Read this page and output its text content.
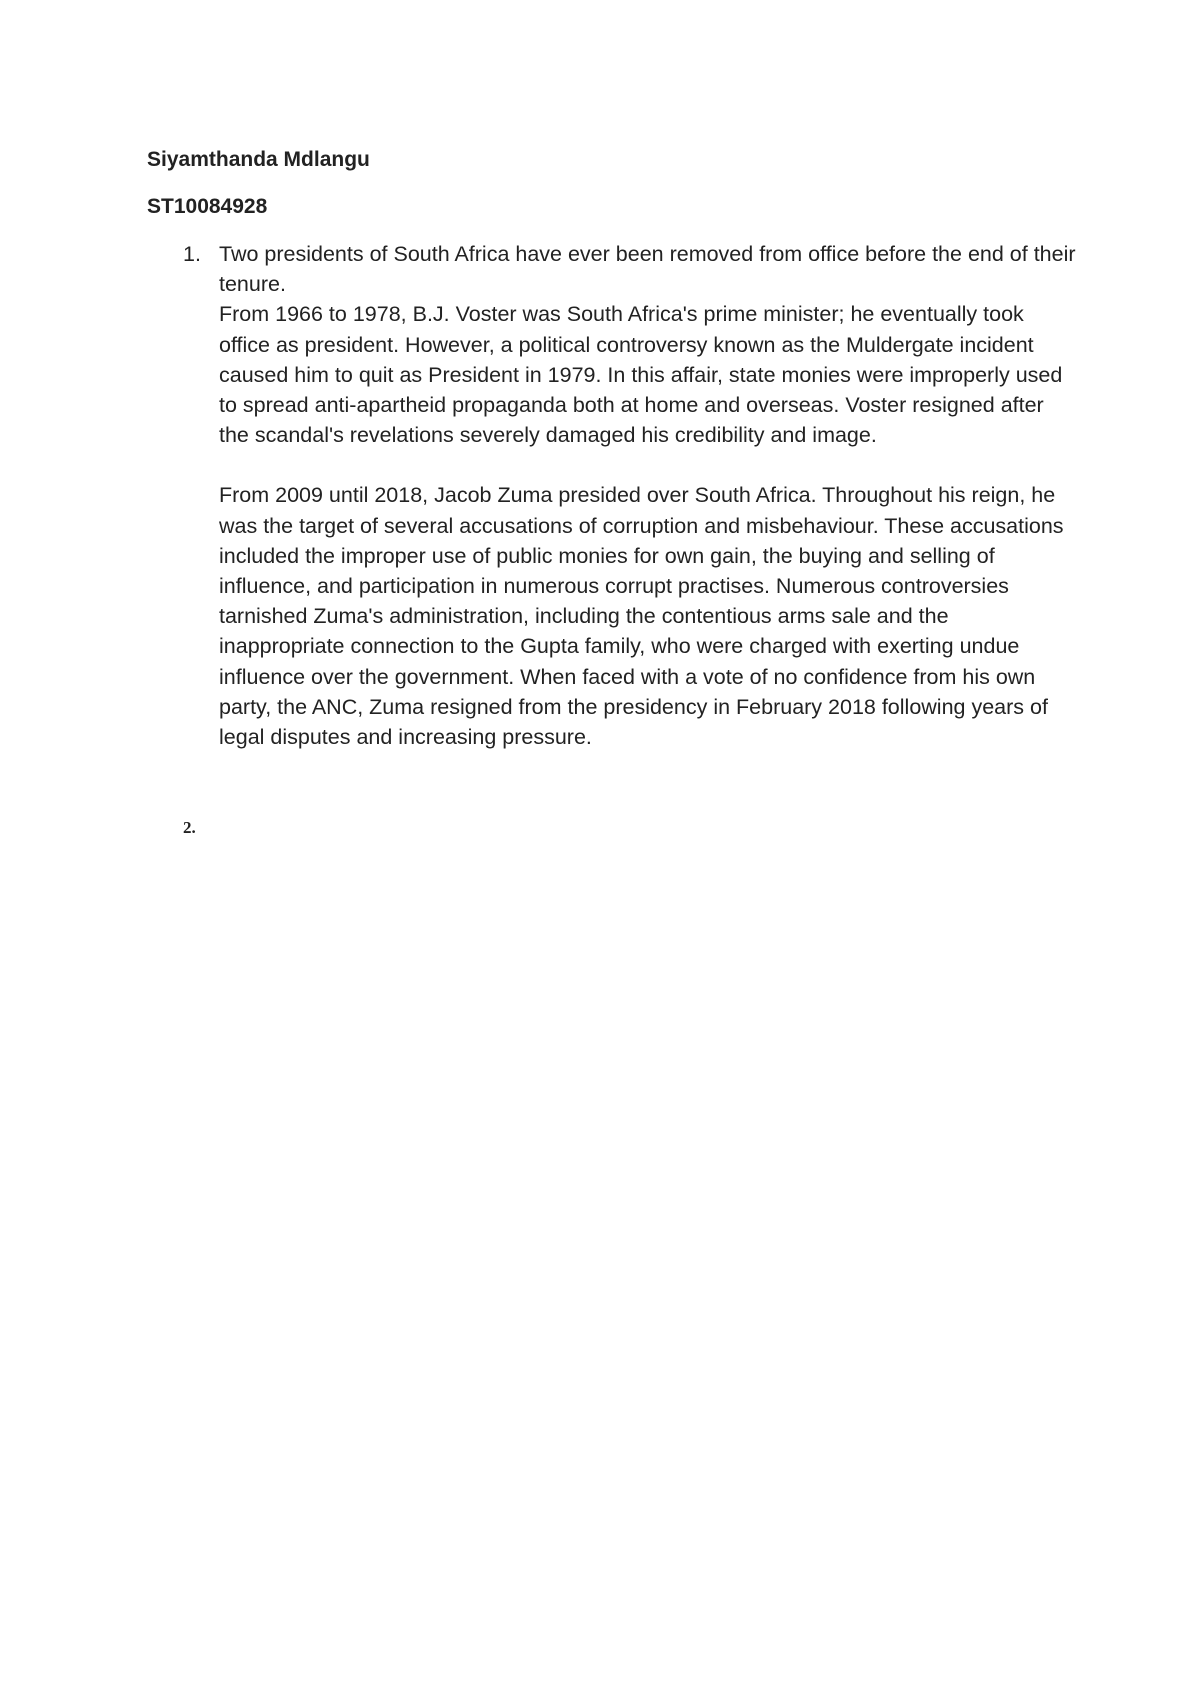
Siyamthanda Mdlangu
ST10084928
1. Two presidents of South Africa have ever been removed from office before the end of their tenure.
From 1966 to 1978, B.J. Voster was South Africa's prime minister; he eventually took office as president. However, a political controversy known as the Muldergate incident caused him to quit as President in 1979. In this affair, state monies were improperly used to spread anti-apartheid propaganda both at home and overseas. Voster resigned after the scandal's revelations severely damaged his credibility and image.

From 2009 until 2018, Jacob Zuma presided over South Africa. Throughout his reign, he was the target of several accusations of corruption and misbehaviour. These accusations included the improper use of public monies for own gain, the buying and selling of influence, and participation in numerous corrupt practises. Numerous controversies tarnished Zuma's administration, including the contentious arms sale and the inappropriate connection to the Gupta family, who were charged with exerting undue influence over the government. When faced with a vote of no confidence from his own party, the ANC, Zuma resigned from the presidency in February 2018 following years of legal disputes and increasing pressure.

2.
